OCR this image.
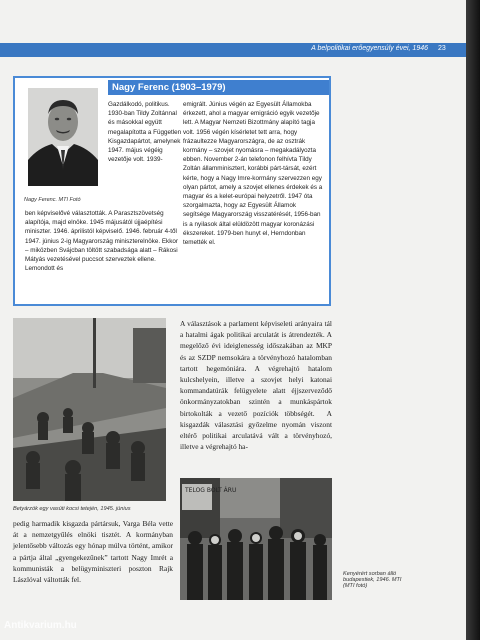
A belpolitikai erőegyensúly évei, 1946	23
Nagy Ferenc (1903–1979)
Nagy Ferenc. MTI Fotó
Gazdálkodó, politikus. 1930-ban Tildy Zoltánnal és másokkal együtt megalapította a Független Kisgazdapártot, amelynek 1947. május végéig vezetője volt. 1939-
ben képviselővé választották. A Parasztszövetség alapítója, majd elnöke. 1945 májusától újjaépítési miniszter. 1946. áprilistól képviselő. 1946. február 4-től 1947. június 2-ig Magyarország miniszterelnöke. Ekkor – miközben Svájcban töltött szabadsága alatt – Rákosi Mátyás vezetésével puccsot szerveztek ellene. Lemondott és
emigrált. Június végén az Egyesült Államokba érkezett, ahol a magyar emigráció egyik vezetője lett. A Magyar Nemzeti Bizottmány alapító tagja volt. 1956 végén kísérletet tett arra, hogy frázaultezze Magyarországra, de az osztrák kormány – szovjet nyomásra – megakadályozta ebben. November 2-án telefonon felhívta Tildy Zoltán államminisztert, korábbi párt-társát, ezért kérte, hogy a Nagy Imre-kormány szervezzen egy olyan pártot, amely a szovjet ellenes érdekek és a magyar és a kelet-európai helyzetről. 1947 óta szorgalmazta, hogy az Egyesült Államok segítsége Magyarország visszatérését, 1956-ban is a nyilasok által elüldözött magyar koronázási ékszereket. 1979-ben hunyt el, Herndonban temették el.
Betyárzók egy vasúti kocsi tetején, 1945. június
A választások a parlament képviseleti arányaira tál a hatalmi ágak politikai arculatát is átrendezték. A megelőző évi ideiglenesség időszakában az MKP és az SZDP nemsokára a törvényhozó hatalomban tartott hegemóniára. A végrehajtó hatalom kulcshelyein, illetve a szovjet helyi katonai kommandatúrák felügyelete alatt éjjszerveződő önkormányzatokban szintén a munkáspártok birtokolták a vezető pozíciók többségét.  A kisgazdák választási győzelme nyomán viszont eltérő politikai arculatává vált a törvényhozó, illetve a végrehajtó ha-
pedig harmadik kisgazda pártársuk, Vargа Béla vette át a nemzetgyűlés elnöki tisztét. A kormányban jelentősebb változás egy hónap múlva történt, amikor a pártja által „gyengekezűnek” tartott Nagy Imrét a kommunisták a belügyminiszteri poszton Rajk Lászlóval váltották fel.
TELOG BOLT ÁRU
Kenyérért sorban álló budapestiek, 1946. MTI (MTI fotó)
Antikvarium.hu
